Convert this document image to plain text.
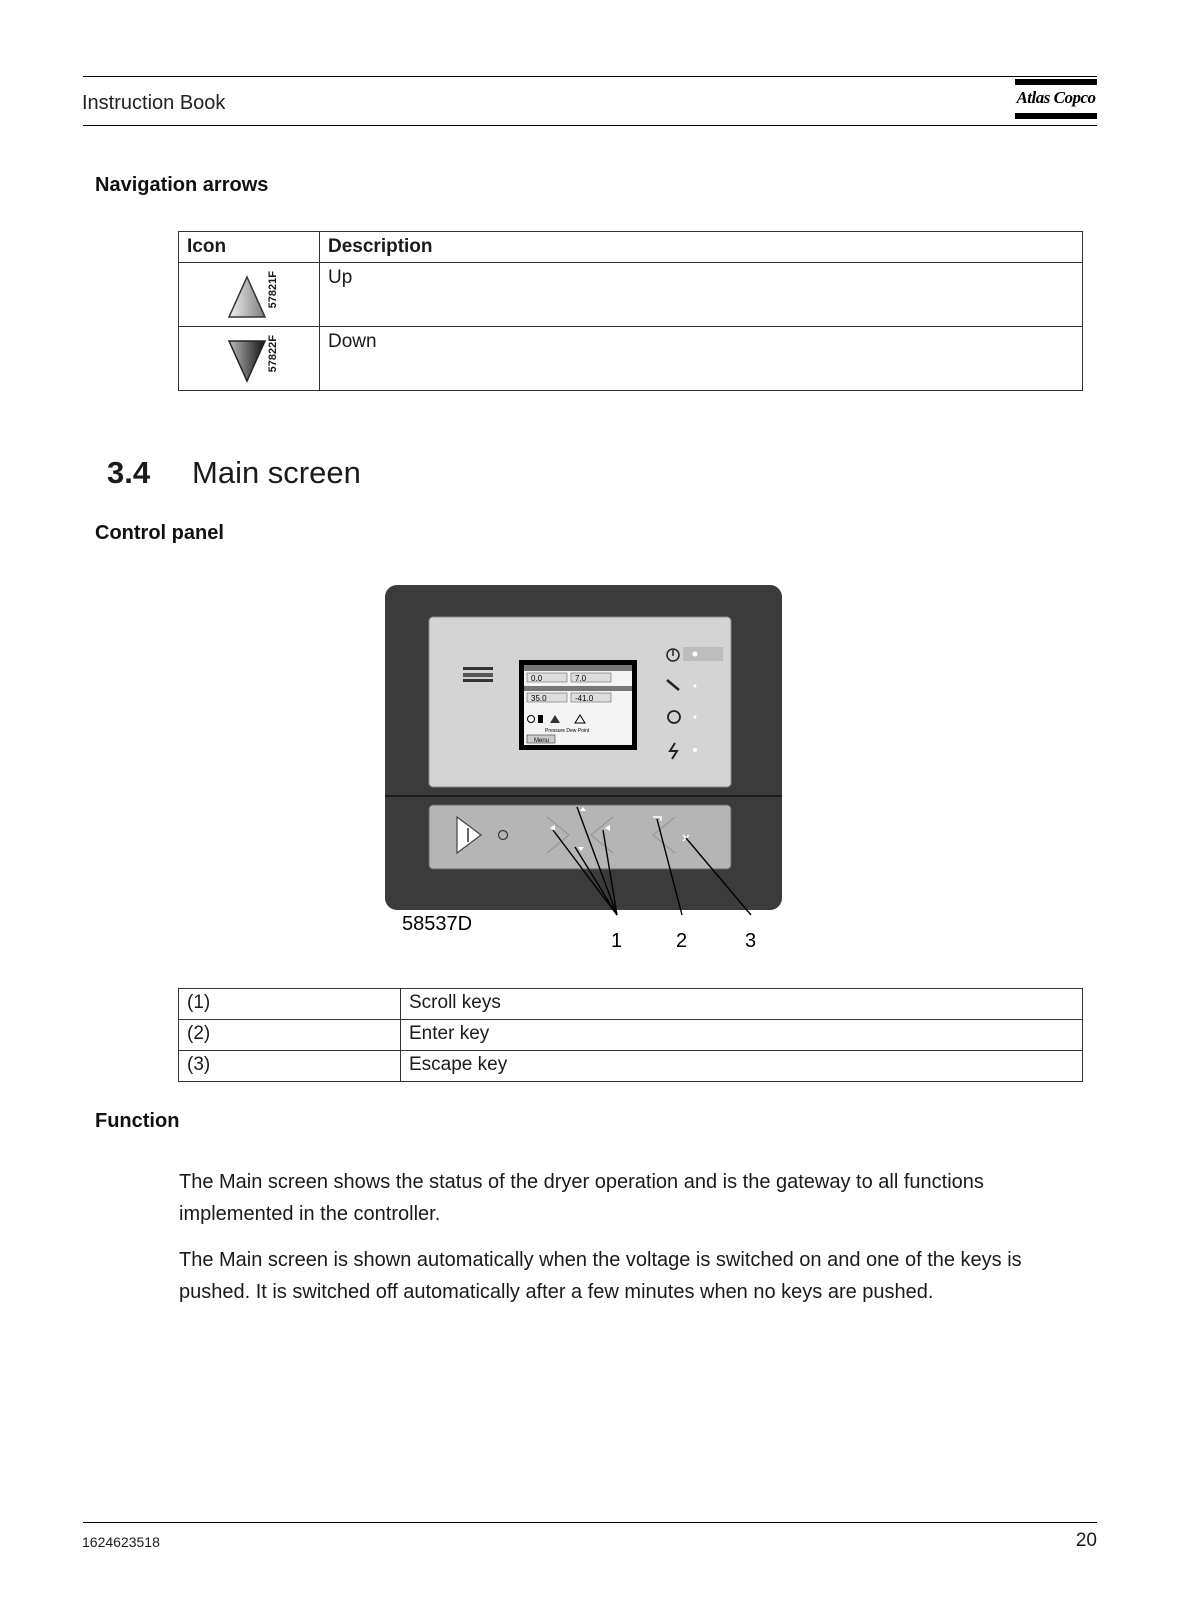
Instruction Book	Atlas Copco
Navigation arrows
Icon	Description

57821F	Up

57822F	Down
3.4 Main screen
Control panel
0.0	7.0
35.0	-41.0
Pressure Dew Point
Menu
58537D
1	2	3
(1)	Scroll keys
(2)	Enter key
(3)	Escape key
Function
The Main screen shows the status of the dryer operation and is the gateway to all functions implemented in the controller.
The Main screen is shown automatically when the voltage is switched on and one of the keys is pushed. It is switched off automatically after a few minutes when no keys are pushed.
1624623518	20
